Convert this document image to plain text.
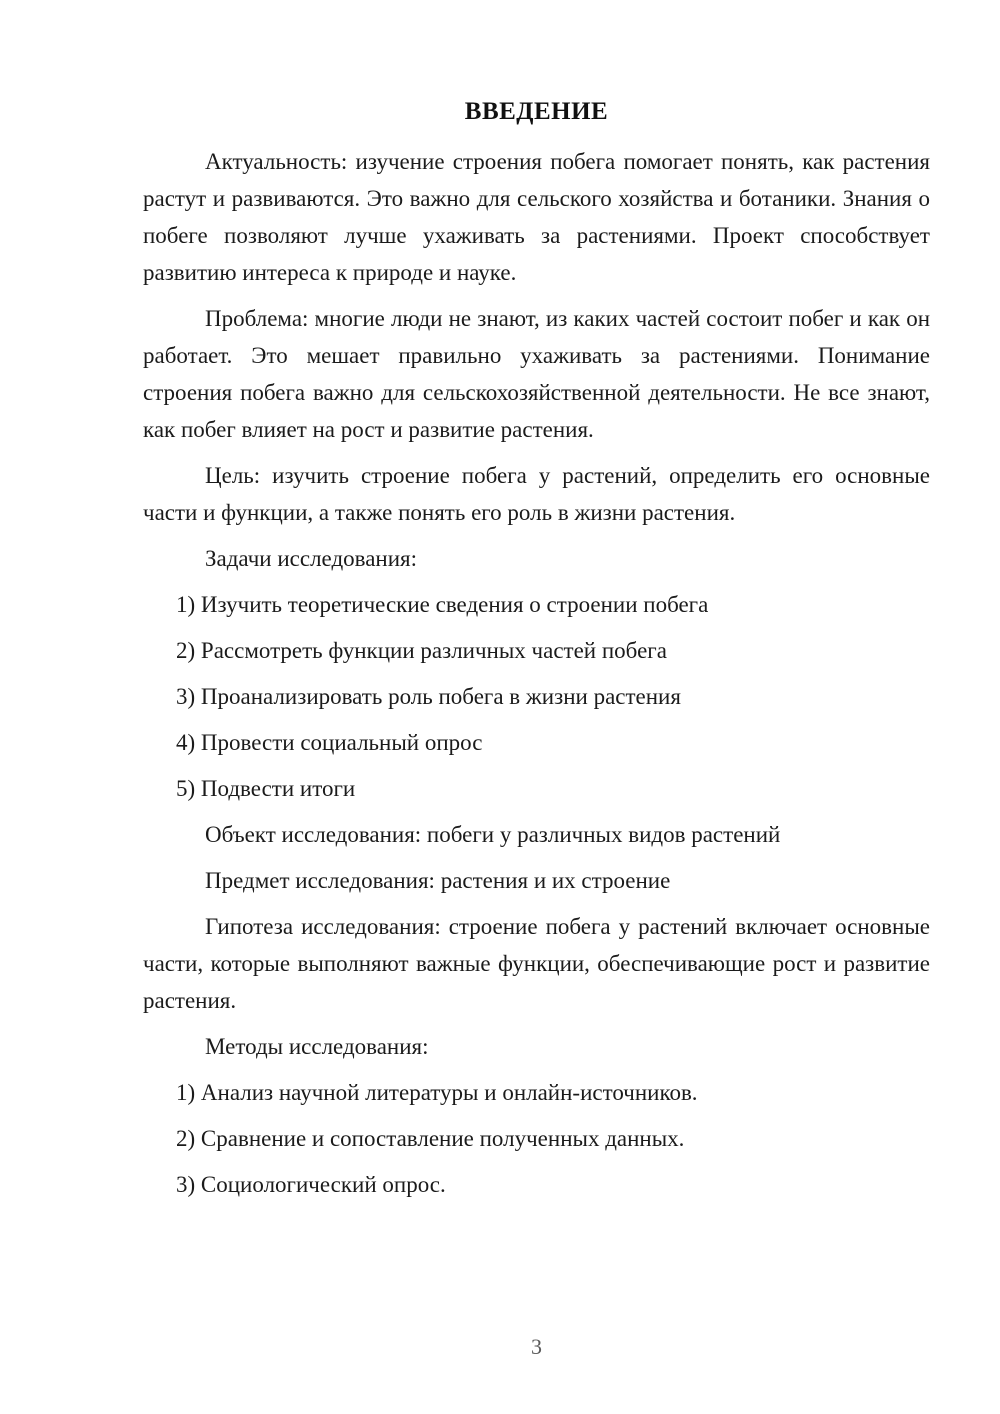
ВВЕДЕНИЕ

Актуальность: изучение строения побега помогает понять, как растения растут и развиваются. Это важно для сельского хозяйства и ботаники. Знания о побеге позволяют лучше ухаживать за растениями. Проект способствует развитию интереса к природе и науке.

Проблема: многие люди не знают, из каких частей состоит побег и как он работает. Это мешает правильно ухаживать за растениями. Понимание строения побега важно для сельскохозяйственной деятельности. Не все знают, как побег влияет на рост и развитие растения.

Цель: изучить строение побега у растений, определить его основные части и функции, а также понять его роль в жизни растения.

Задачи исследования:

1) Изучить теоретические сведения о строении побега

2) Рассмотреть функции различных частей побега

3) Проанализировать роль побега в жизни растения

4) Провести социальный опрос

5) Подвести итоги

Объект исследования: побеги у различных видов растений

Предмет исследования: растения и их строение

Гипотеза исследования: строение побега у растений включает основные части, которые выполняют важные функции, обеспечивающие рост и развитие растения.

Методы исследования:

1) Анализ научной литературы и онлайн-источников.

2) Сравнение и сопоставление полученных данных.

3) Социологический опрос.

3
